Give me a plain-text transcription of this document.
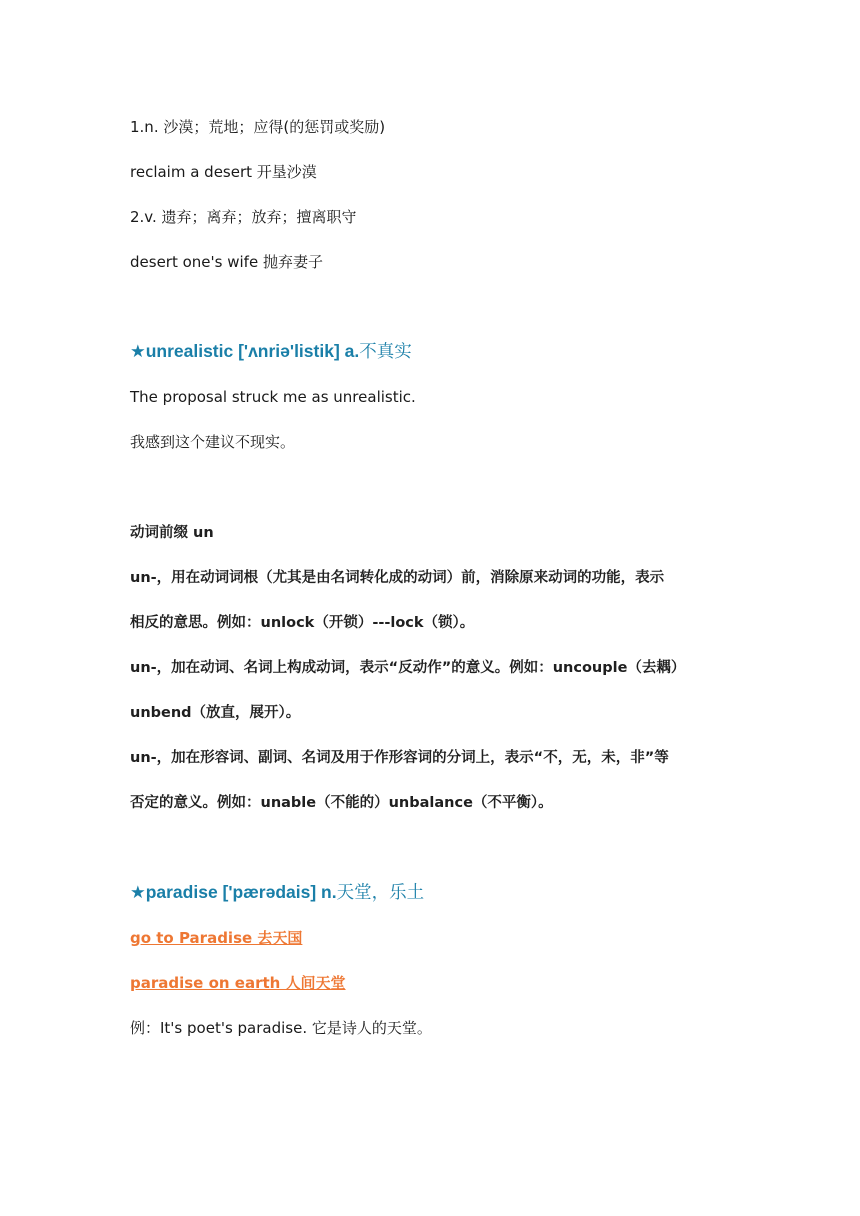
1.n. 沙漠；荒地；应得(的惩罚或奖励)
reclaim a desert 开垦沙漠
2.v. 遗弃；离弃；放弃；擅离职守
desert one's wife 抛弃妻子
★unrealistic ['ʌnriə'listik] a.不真实
The proposal struck me as unrealistic.
我感到这个建议不现实。
动词前缀 un
un-，用在动词词根（尤其是由名词转化成的动词）前，消除原来动词的功能，表示
相反的意思。例如：unlock（开锁）---lock（锁）。
un-，加在动词、名词上构成动词，表示“反动作”的意义。例如：uncouple（去耦）
unbend（放直，展开）。
un-，加在形容词、副词、名词及用于作形容词的分词上，表示“不，无，未，非”等
否定的意义。例如：unable（不能的）unbalance（不平衡）。
★paradise ['pærədais] n.天堂，乐土
go to Paradise 去天国
paradise on earth 人间天堂
例：It's poet's paradise. 它是诗人的天堂。
